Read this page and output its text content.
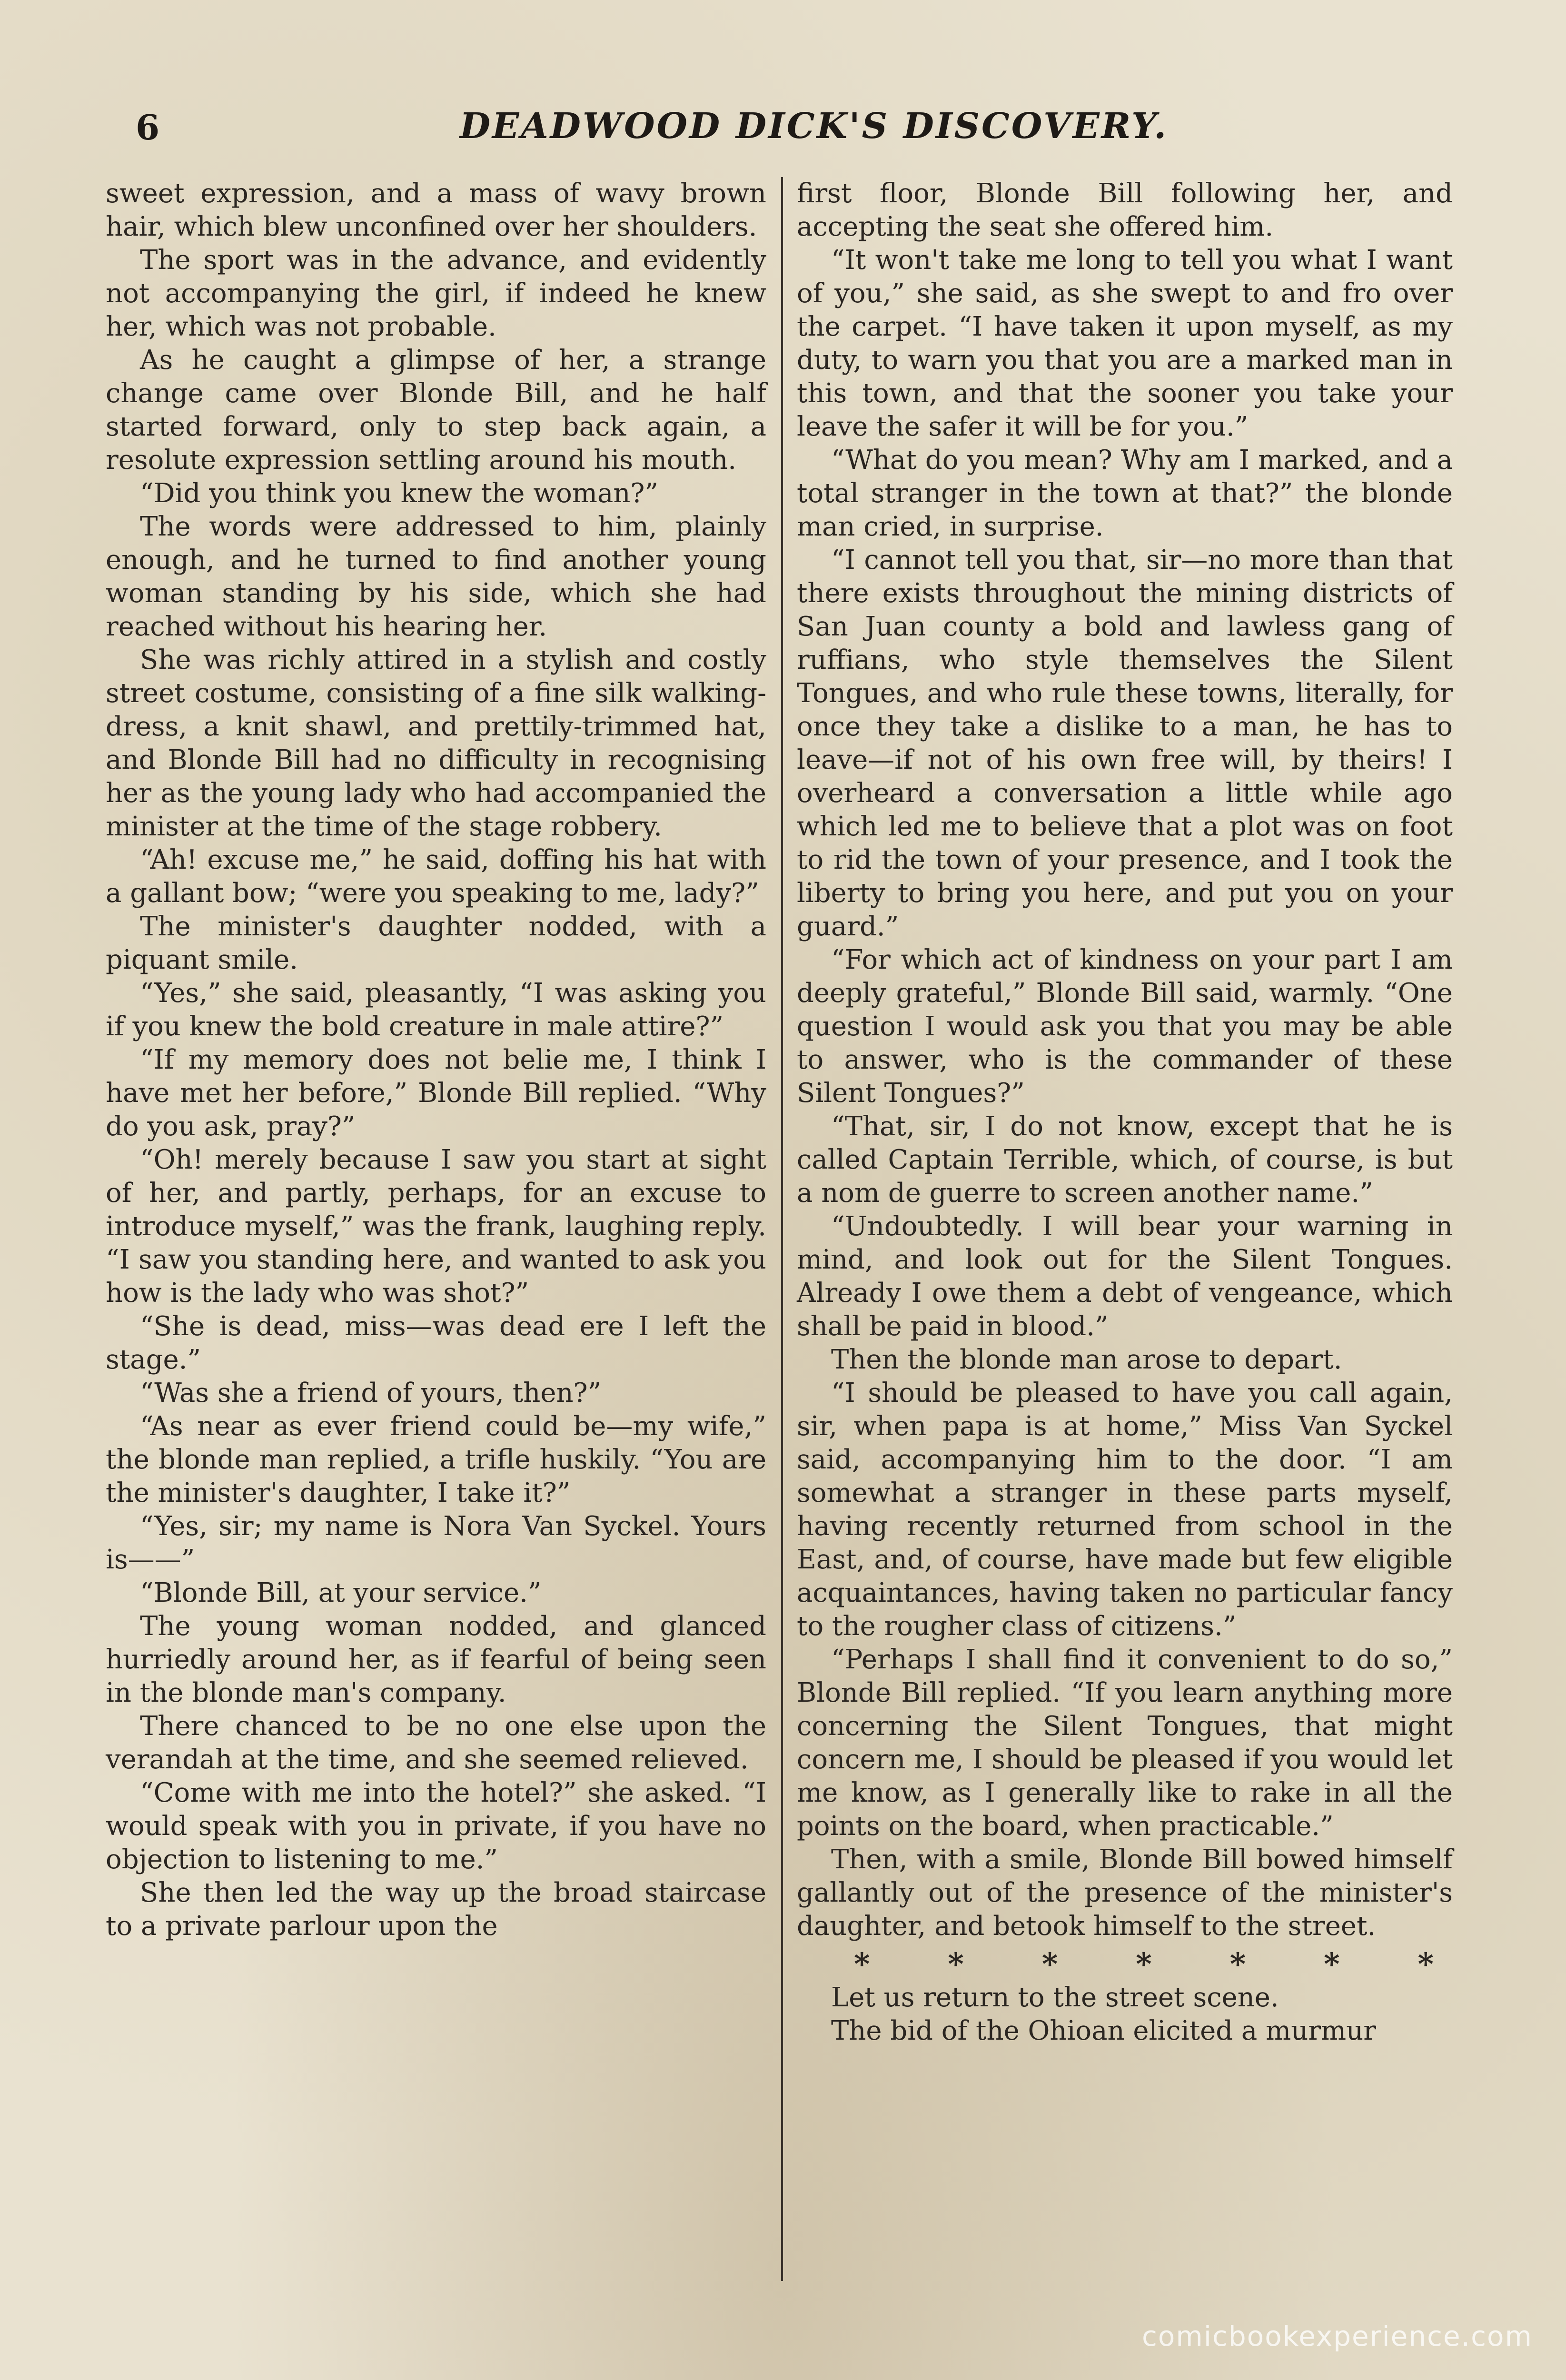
6	DEADWOOD DICK'S DISCOVERY.

sweet expression, and a mass of wavy brown hair, which blew unconfined over her shoulders.

The sport was in the advance, and evidently not accompanying the girl, if indeed he knew her, which was not probable.

As he caught a glimpse of her, a strange change came over Blonde Bill, and he half started forward, only to step back again, a resolute expression settling around his mouth.

“Did you think you knew the woman?”

The words were addressed to him, plainly enough, and he turned to find another young woman standing by his side, which she had reached without his hearing her.

She was richly attired in a stylish and costly street costume, consisting of a fine silk walking-dress, a knit shawl, and prettily-trimmed hat, and Blonde Bill had no difficulty in recognising her as the young lady who had accompanied the minister at the time of the stage robbery.

“Ah! excuse me,” he said, doffing his hat with a gallant bow; “were you speaking to me, lady?”

The minister's daughter nodded, with a piquant smile.

“Yes,” she said, pleasantly, “I was asking you if you knew the bold creature in male attire?”

“If my memory does not belie me, I think I have met her before,” Blonde Bill replied. “Why do you ask, pray?”

“Oh! merely because I saw you start at sight of her, and partly, perhaps, for an excuse to introduce myself,” was the frank, laughing reply. “I saw you standing here, and wanted to ask you how is the lady who was shot?”

“She is dead, miss—was dead ere I left the stage.”

“Was she a friend of yours, then?”

“As near as ever friend could be—my wife,” the blonde man replied, a trifle huskily. “You are the minister's daughter, I take it?”

“Yes, sir; my name is Nora Van Syckel. Yours is——”

“Blonde Bill, at your service.”

The young woman nodded, and glanced hurriedly around her, as if fearful of being seen in the blonde man's company.

There chanced to be no one else upon the verandah at the time, and she seemed relieved.

“Come with me into the hotel?” she asked. “I would speak with you in private, if you have no objection to listening to me.”

She then led the way up the broad staircase to a private parlour upon the

first floor, Blonde Bill following her, and accepting the seat she offered him.

“It won't take me long to tell you what I want of you,” she said, as she swept to and fro over the carpet. “I have taken it upon myself, as my duty, to warn you that you are a marked man in this town, and that the sooner you take your leave the safer it will be for you.”

“What do you mean? Why am I marked, and a total stranger in the town at that?” the blonde man cried, in surprise.

“I cannot tell you that, sir—no more than that there exists throughout the mining districts of San Juan county a bold and lawless gang of ruffians, who style themselves the Silent Tongues, and who rule these towns, literally, for once they take a dislike to a man, he has to leave—if not of his own free will, by theirs! I overheard a conversation a little while ago which led me to believe that a plot was on foot to rid the town of your presence, and I took the liberty to bring you here, and put you on your guard.”

“For which act of kindness on your part I am deeply grateful,” Blonde Bill said, warmly. “One question I would ask you that you may be able to answer, who is the commander of these Silent Tongues?”

“That, sir, I do not know, except that he is called Captain Terrible, which, of course, is but a nom de guerre to screen another name.”

“Undoubtedly. I will bear your warning in mind, and look out for the Silent Tongues. Already I owe them a debt of vengeance, which shall be paid in blood.”

Then the blonde man arose to depart.

“I should be pleased to have you call again, sir, when papa is at home,” Miss Van Syckel said, accompanying him to the door. “I am somewhat a stranger in these parts myself, having recently returned from school in the East, and, of course, have made but few eligible acquaintances, having taken no particular fancy to the rougher class of citizens.”

“Perhaps I shall find it convenient to do so,” Blonde Bill replied. “If you learn anything more concerning the Silent Tongues, that might concern me, I should be pleased if you would let me know, as I generally like to rake in all the points on the board, when practicable.”

Then, with a smile, Blonde Bill bowed himself gallantly out of the presence of the minister's daughter, and betook himself to the street.

*	*	*	*	*	*	*

Let us return to the street scene.

The bid of the Ohioan elicited a murmur

comicbookexperience.com
